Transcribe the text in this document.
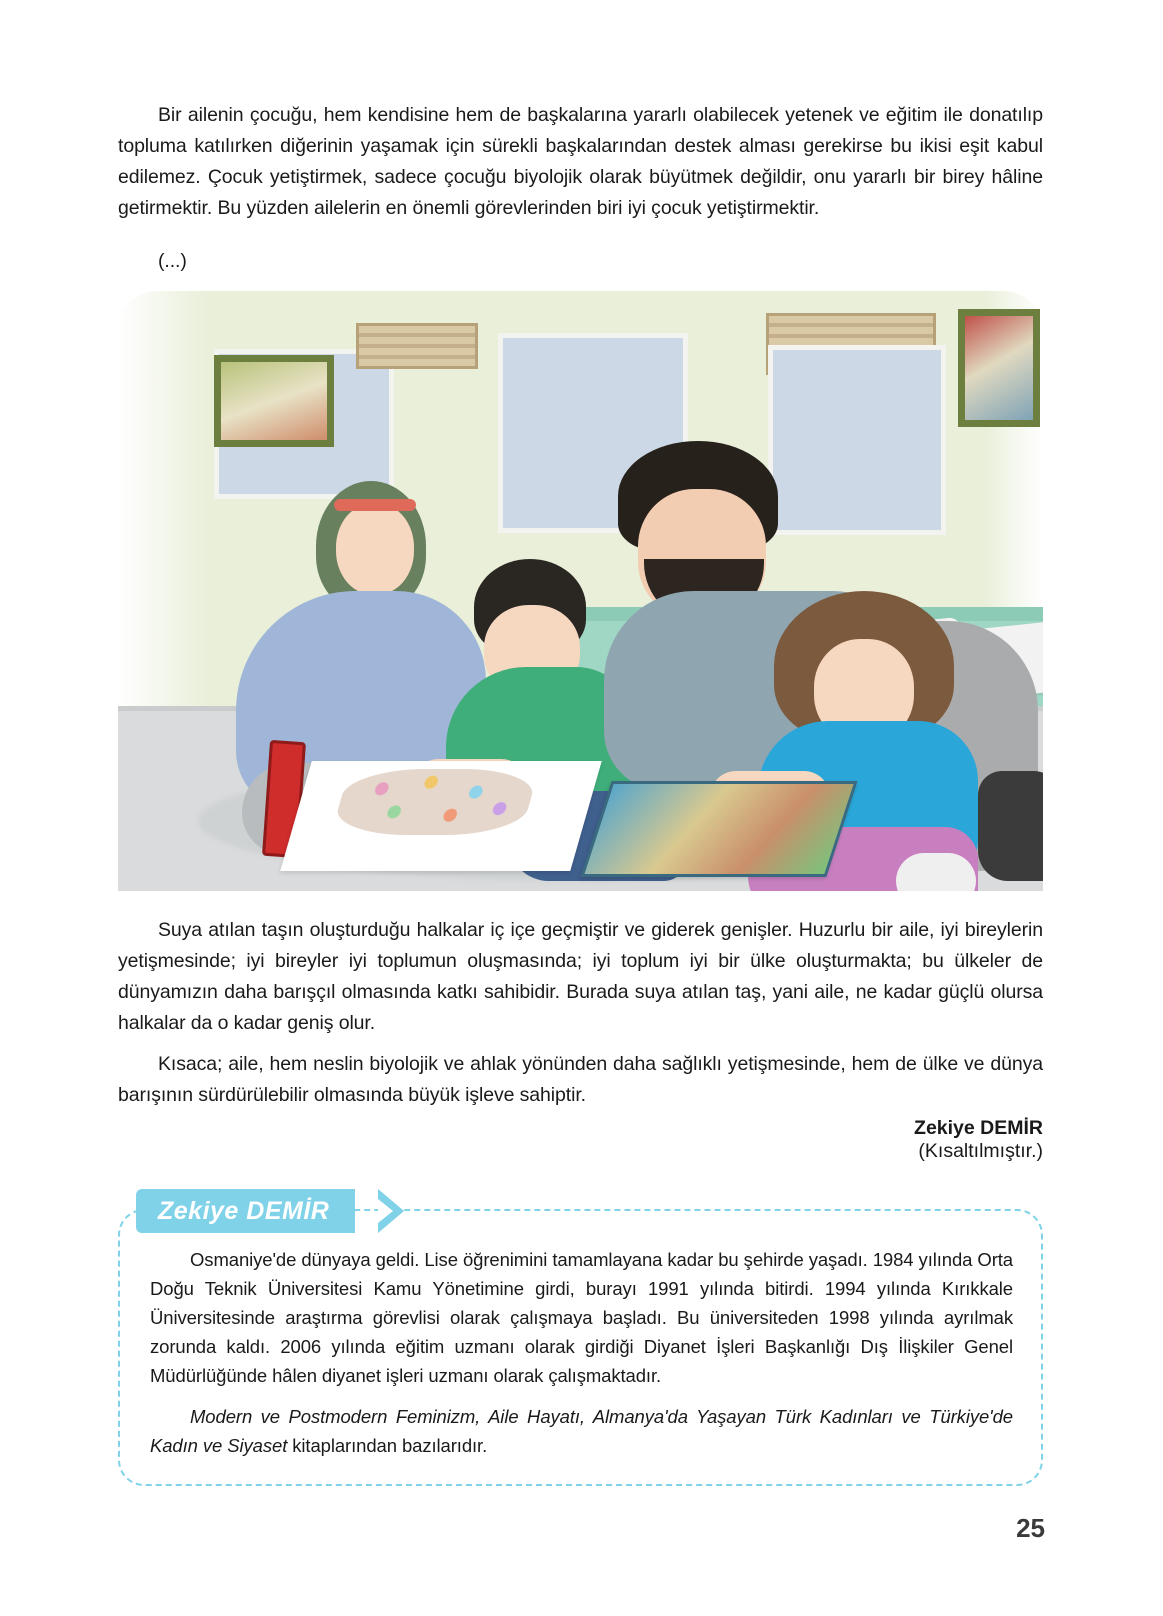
Bir ailenin çocuğu, hem kendisine hem de başkalarına yararlı olabilecek yetenek ve eğitim ile donatılıp topluma katılırken diğerinin yaşamak için sürekli başkalarından destek alması gerekirse bu ikisi eşit kabul edilemez. Çocuk yetiştirmek, sadece çocuğu biyolojik olarak büyütmek değildir, onu yararlı bir birey hâline getirmektir. Bu yüzden ailelerin en önemli görevlerinden biri iyi çocuk yetiştirmektir.

(...)

Suya atılan taşın oluşturduğu halkalar iç içe geçmiştir ve giderek genişler. Huzurlu bir aile, iyi bireylerin yetişmesinde; iyi bireyler iyi toplumun oluşmasında; iyi toplum iyi bir ülke oluşturmakta; bu ülkeler de dünyamızın daha barışçıl olmasında katkı sahibidir. Burada suya atılan taş, yani aile, ne kadar güçlü olursa halkalar da o kadar geniş olur.

Kısaca; aile, hem neslin biyolojik ve ahlak yönünden daha sağlıklı yetişmesinde, hem de ülke ve dünya barışının sürdürülebilir olmasında büyük işleve sahiptir.

Zekiye DEMİR
(Kısaltılmıştır.)
Zekiye DEMİR

Osmaniye'de dünyaya geldi. Lise öğrenimini tamamlayana kadar bu şehirde yaşadı. 1984 yılında Orta Doğu Teknik Üniversitesi Kamu Yönetimine girdi, burayı 1991 yılında bitirdi. 1994 yılında Kırıkkale Üniversitesinde araştırma görevlisi olarak çalışmaya başladı. Bu üniversiteden 1998 yılında ayrılmak zorunda kaldı. 2006 yılında eğitim uzmanı olarak girdiği Diyanet İşleri Başkanlığı Dış İlişkiler Genel Müdürlüğünde hâlen diyanet işleri uzmanı olarak çalışmaktadır.

Modern ve Postmodern Feminizm, Aile Hayatı, Almanya'da Yaşayan Türk Kadınları ve Türkiye'de Kadın ve Siyaset kitaplarından bazılarıdır.

25
